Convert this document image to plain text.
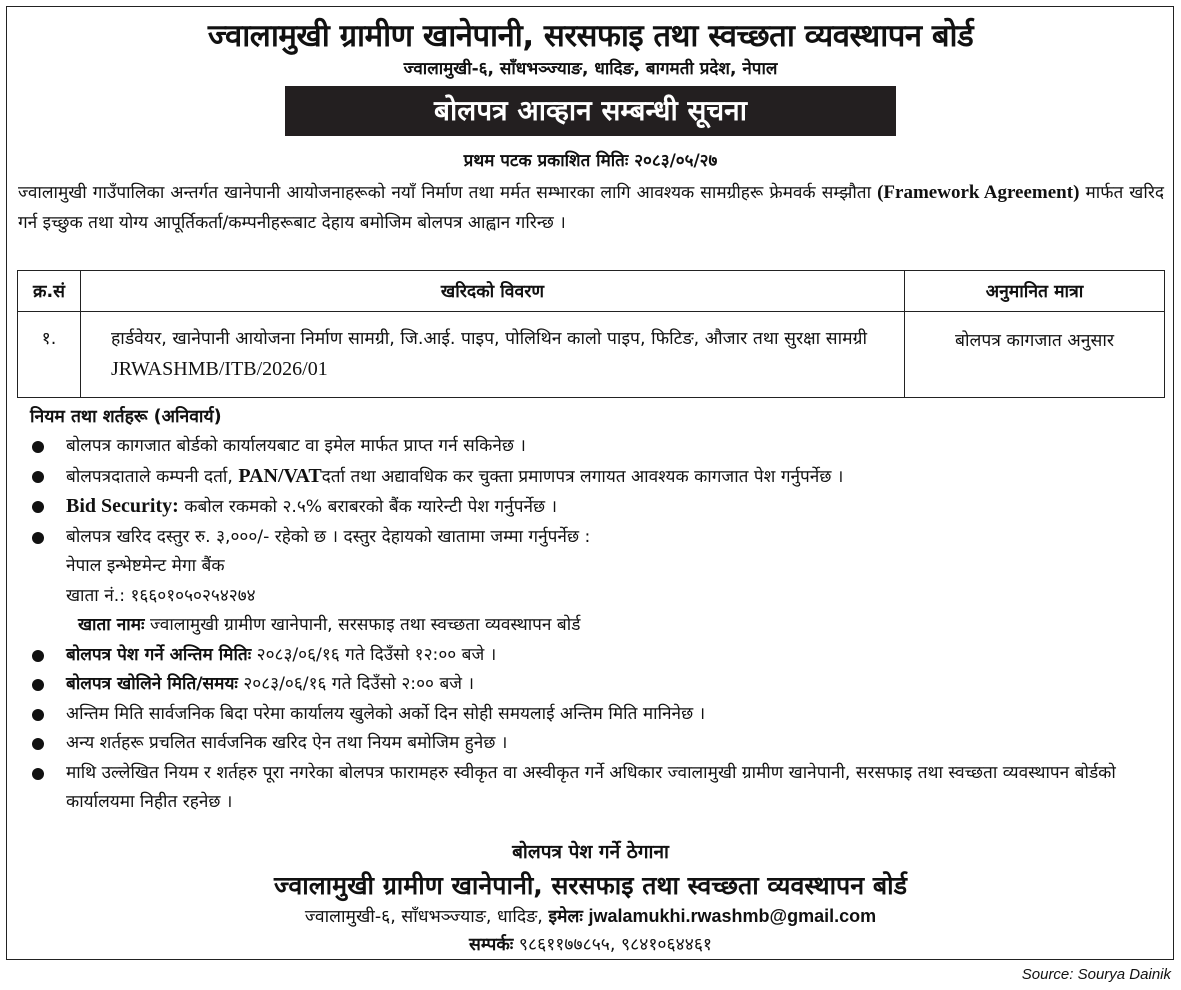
ज्वालामुखी ग्रामीण खानेपानी, सरसफाइ तथा स्वच्छता व्यवस्थापन बोर्ड
ज्वालामुखी-६, साँधभञ्ज्याङ, धादिङ, बागमती प्रदेश, नेपाल
बोलपत्र आव्हान सम्बन्धी सूचना
प्रथम पटक प्रकाशित मितिः २०८३/०५/२७
ज्वालामुखी गाउँपालिका अन्तर्गत खानेपानी आयोजनाहरूको नयाँ निर्माण तथा मर्मत सम्भारका लागि आवश्यक सामग्रीहरू फ्रेमवर्क सम्झौता (Framework Agreement) मार्फत खरिद गर्न इच्छुक तथा योग्य आपूर्तिकर्ता/कम्पनीहरूबाट देहाय बमोजिम बोलपत्र आह्वान गरिन्छ ।
क्र.सं	खरिदको विवरण	अनुमानित मात्रा
१.	हार्डवेयर, खानेपानी आयोजना निर्माण सामग्री, जि.आई. पाइप, पोलिथिन कालो पाइप, फिटिङ, औजार तथा सुरक्षा सामग्री JRWASHMB/ITB/2026/01	बोलपत्र कागजात अनुसार
नियम तथा शर्तहरू (अनिवार्य)
बोलपत्र कागजात बोर्डको कार्यालयबाट वा इमेल मार्फत प्राप्त गर्न सकिनेछ ।
बोलपत्रदाताले कम्पनी दर्ता, PAN/VATदर्ता तथा अद्यावधिक कर चुक्ता प्रमाणपत्र लगायत आवश्यक कागजात पेश गर्नुपर्नेछ ।
Bid Security: कबोल रकमको २.५% बराबरको बैंक ग्यारेन्टी पेश गर्नुपर्नेछ ।
बोलपत्र खरिद दस्तुर रु. ३,०००/- रहेको छ । दस्तुर देहायको खातामा जम्मा गर्नुपर्नेछ :
नेपाल इन्भेष्टमेन्ट मेगा बैंक
खाता नं.: १६६०१०५०२५४२७४
खाता नामः ज्वालामुखी ग्रामीण खानेपानी, सरसफाइ तथा स्वच्छता व्यवस्थापन बोर्ड
बोलपत्र पेश गर्ने अन्तिम मितिः २०८३/०६/१६ गते दिउँसो १२:०० बजे ।
बोलपत्र खोलिने मिति/समयः २०८३/०६/१६ गते दिउँसो २:०० बजे ।
अन्तिम मिति सार्वजनिक बिदा परेमा कार्यालय खुलेको अर्को दिन सोही समयलाई अन्तिम मिति मानिनेछ ।
अन्य शर्तहरू प्रचलित सार्वजनिक खरिद ऐन तथा नियम बमोजिम हुनेछ ।
माथि उल्लेखित नियम र शर्तहरु पूरा नगरेका बोलपत्र फारामहरु स्वीकृत वा अस्वीकृत गर्ने अधिकार ज्वालामुखी ग्रामीण खानेपानी, सरसफाइ तथा स्वच्छता व्यवस्थापन बोर्डको कार्यालयमा निहीत रहनेछ ।
बोलपत्र पेश गर्ने ठेगाना
ज्वालामुखी ग्रामीण खानेपानी, सरसफाइ तथा स्वच्छता व्यवस्थापन बोर्ड
ज्वालामुखी-६, साँधभञ्ज्याङ, धादिङ, इमेलः jwalamukhi.rwashmb@gmail.com
सम्पर्कः ९८६११७७८५५, ९८४१०६४४६१
Source: Sourya Dainik
